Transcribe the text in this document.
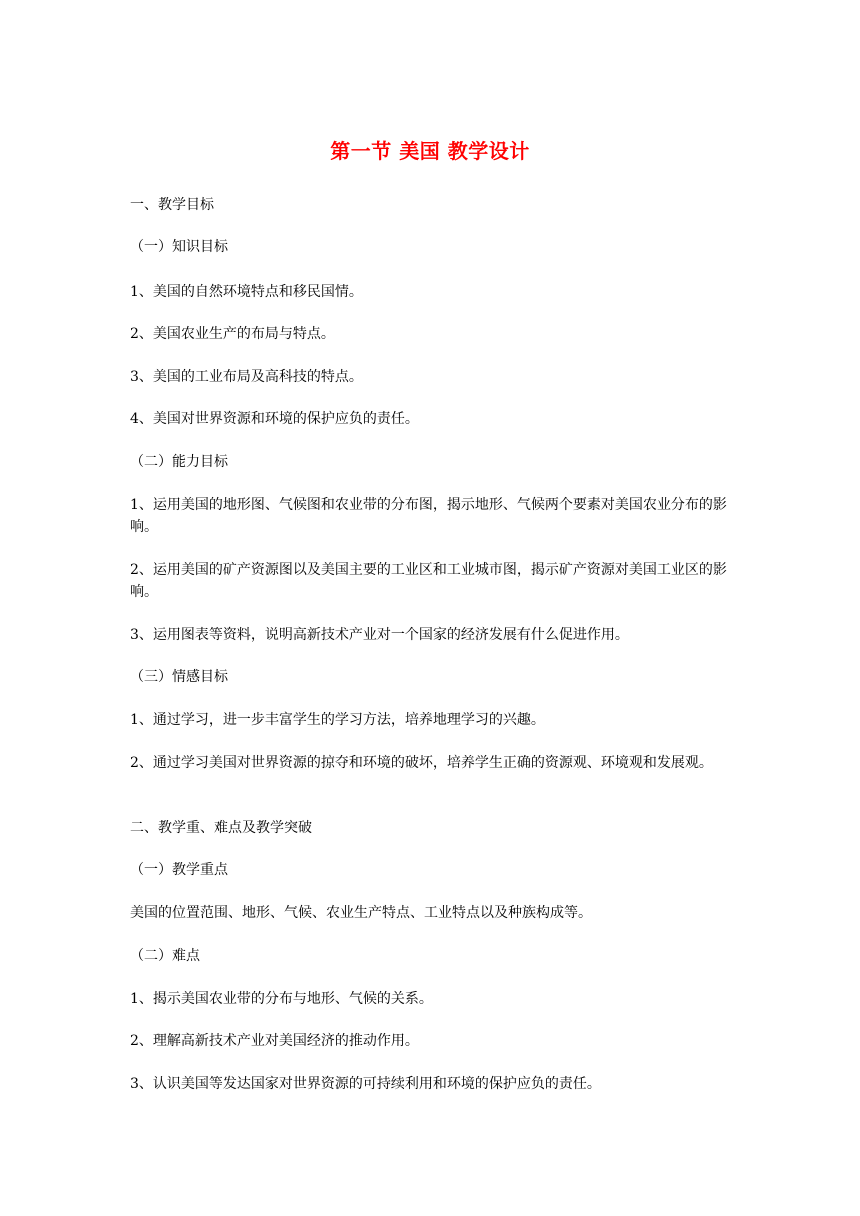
第一节 美国 教学设计
一、教学目标
（一）知识目标
1、美国的自然环境特点和移民国情。
2、美国农业生产的布局与特点。
3、美国的工业布局及高科技的特点。
4、美国对世界资源和环境的保护应负的责任。
（二）能力目标
1、运用美国的地形图、气候图和农业带的分布图，揭示地形、气候两个要素对美国农业分布的影响。
2、运用美国的矿产资源图以及美国主要的工业区和工业城市图，揭示矿产资源对美国工业区的影响。
3、运用图表等资料，说明高新技术产业对一个国家的经济发展有什么促进作用。
（三）情感目标
1、通过学习，进一步丰富学生的学习方法，培养地理学习的兴趣。
2、通过学习美国对世界资源的掠夺和环境的破坏，培养学生正确的资源观、环境观和发展观。
二、教学重、难点及教学突破
（一）教学重点
美国的位置范围、地形、气候、农业生产特点、工业特点以及种族构成等。
（二）难点
1、揭示美国农业带的分布与地形、气候的关系。
2、理解高新技术产业对美国经济的推动作用。
3、认识美国等发达国家对世界资源的可持续利用和环境的保护应负的责任。
